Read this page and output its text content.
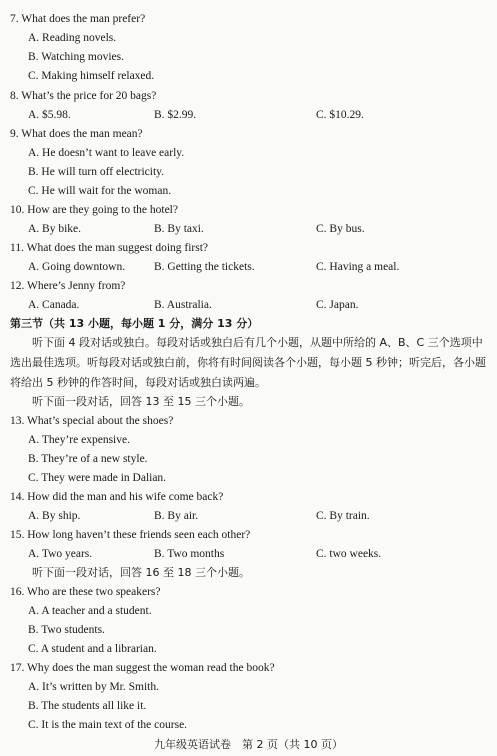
7. What does the man prefer?
A. Reading novels.
B. Watching movies.
C. Making himself relaxed.
8. What’s the price for 20 bags?
A. $5.98.	B. $2.99.	C. $10.29.
9. What does the man mean?
A. He doesn’t want to leave early.
B. He will turn off electricity.
C. He will wait for the woman.
10. How are they going to the hotel?
A. By bike.	B. By taxi.	C. By bus.
11. What does the man suggest doing first?
A. Going downtown.	B. Getting the tickets.	C. Having a meal.
12. Where’s Jenny from?
A. Canada.	B. Australia.	C. Japan.
第三节（共 13 小题，每小题 1 分，满分 13 分）
听下面 4 段对话或独白。每段对话或独白后有几个小题，从题中所给的 A、B、C 三个选项中选出最佳选项。听每段对话或独白前，你将有时间阅读各个小题，每小题 5 秒钟；听完后，各小题将给出 5 秒钟的作答时间，每段对话或独白读两遍。
听下面一段对话，回答 13 至 15 三个小题。
13. What’s special about the shoes?
A. They’re expensive.
B. They’re of a new style.
C. They were made in Dalian.
14. How did the man and his wife come back?
A. By ship.	B. By air.	C. By train.
15. How long haven’t these friends seen each other?
A. Two years.	B. Two months	C. two weeks.
听下面一段对话，回答 16 至 18 三个小题。
16. Who are these two speakers?
A. A teacher and a student.
B. Two students.
C. A student and a librarian.
17. Why does the man suggest the woman read the book?
A. It’s written by Mr. Smith.
B. The students all like it.
C. It is the main text of the course.
九年级英语试卷　第 2 页（共 10 页）
